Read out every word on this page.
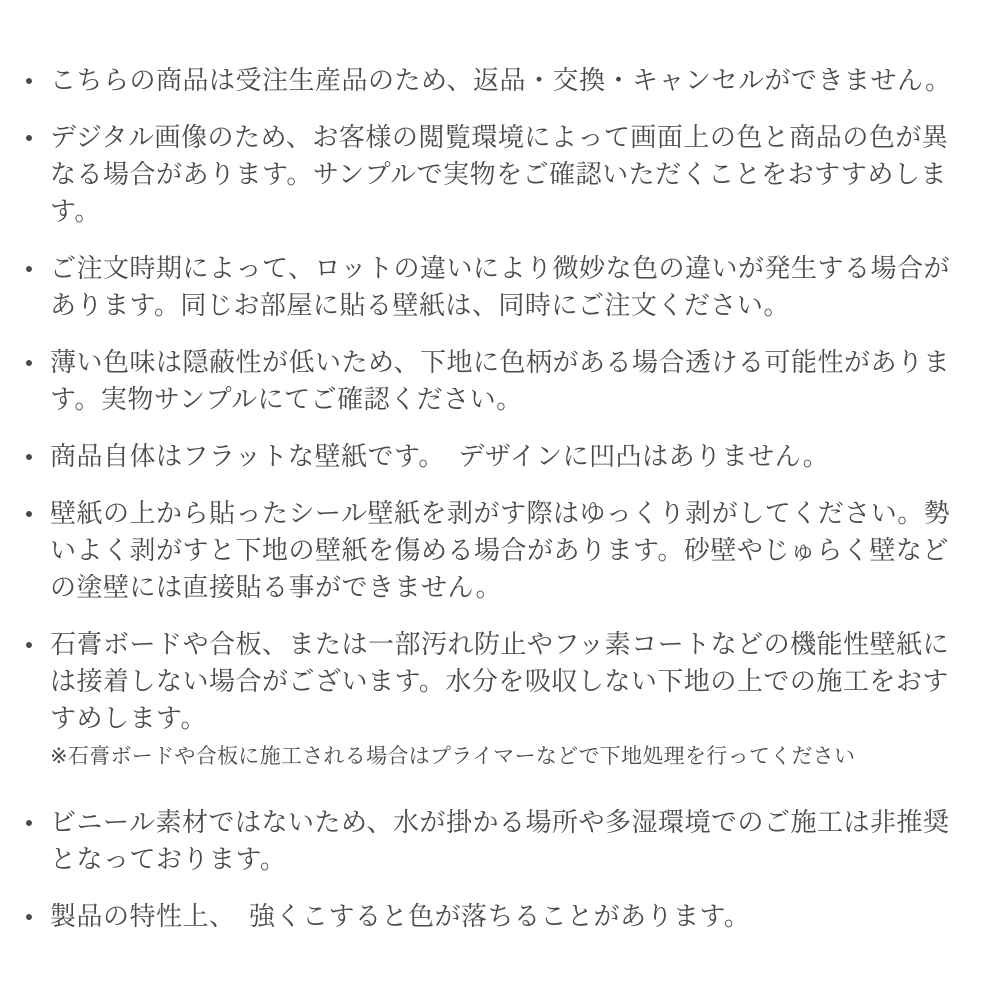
こちらの商品は受注生産品のため、返品・交換・キャンセルができません。
デジタル画像のため、お客様の閲覧環境によって画面上の色と商品の色が異なる場合があります。サンプルで実物をご確認いただくことをおすすめします。
ご注文時期によって、ロットの違いにより微妙な色の違いが発生する場合があります。同じお部屋に貼る壁紙は、同時にご注文ください。
薄い色味は隠蔽性が低いため、下地に色柄がある場合透ける可能性があります。実物サンプルにてご確認ください。
商品自体はフラットな壁紙です。　デザインに凹凸はありません。
壁紙の上から貼ったシール壁紙を剥がす際はゆっくり剥がしてください。勢いよく剥がすと下地の壁紙を傷める場合があります。砂壁やじゅらく壁などの塗壁には直接貼る事ができません。
石膏ボードや合板、または一部汚れ防止やフッ素コートなどの機能性壁紙には接着しない場合がございます。水分を吸収しない下地の上での施工をおすすめします。
※石膏ボードや合板に施工される場合はプライマーなどで下地処理を行ってください
ビニール素材ではないため、水が掛かる場所や多湿環境でのご施工は非推奨となっております。
製品の特性上、　強くこすると色が落ちることがあります。
